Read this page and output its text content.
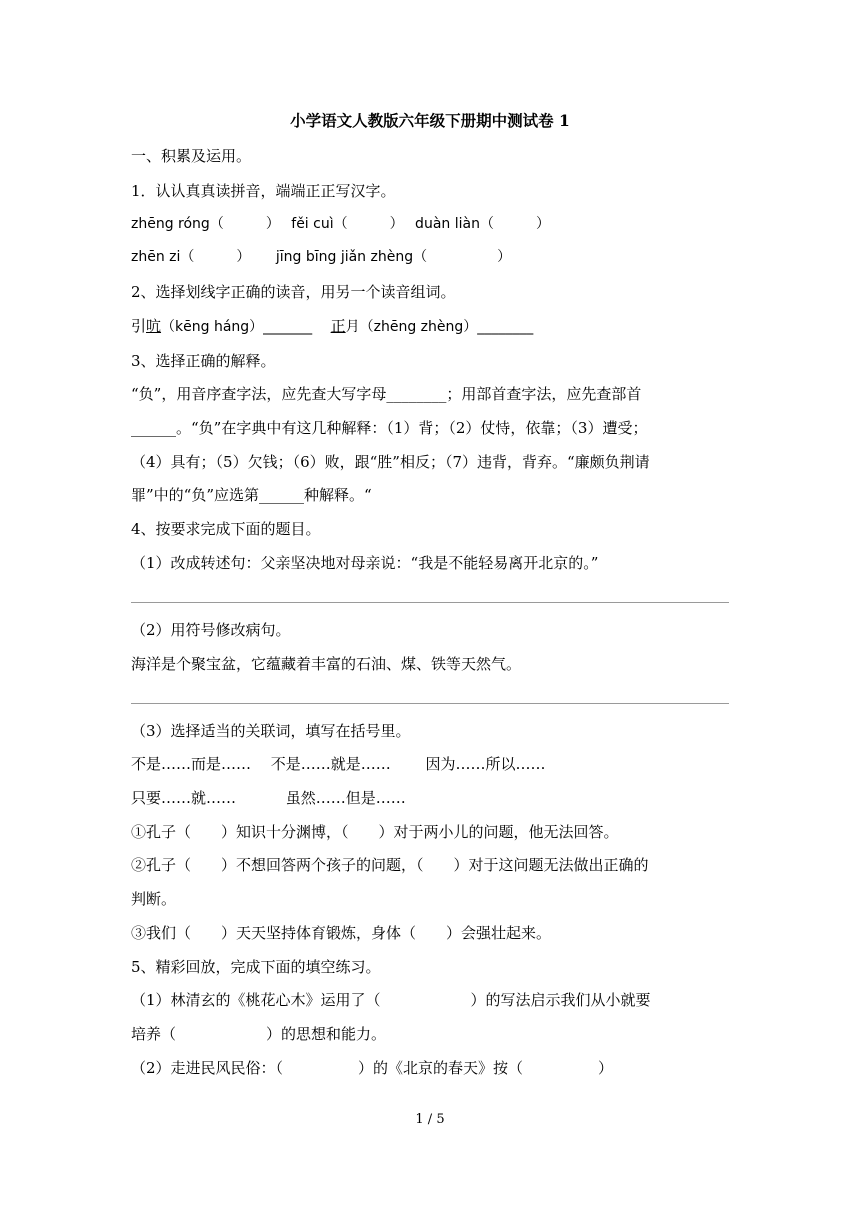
小学语文人教版六年级下册期中测试卷 1
一、积累及运用。
1．认认真真读拼音，端端正正写汉字。
zhēng róng（　　　）　 fěi cuì（　　　）　 duàn liàn（　　　）
zhēn zi（　　　）　　 jīng bīng jiǎn zhèng（　　　　　）
2、选择划线字正确的读音，用另一个读音组词。
引吭（kēng háng）_______　 正月（zhēng zhèng）________
3、选择正确的解释。
“负”，用音序查字法，应先查大写字母________；用部首查字法，应先查部首
______。“负”在字典中有这几种解释：（1）背；（2）仗恃，依靠；（3）遭受；
（4）具有；（5）欠钱；（6）败，跟“胜”相反；（7）违背，背弃。“廉颇负荆请
罪”中的“负”应选第______种解释。“
4、按要求完成下面的题目。
（1）改成转述句：父亲坚决地对母亲说：“我是不能轻易离开北京的。”
（2）用符号修改病句。
海洋是个聚宝盆，它蕴藏着丰富的石油、煤、铁等天然气。
（3）选择适当的关联词，填写在括号里。
不是……而是……　 不是……就是……　　 因为……所以……
只要……就……　　　 虽然……但是……
①孔子（　　）知识十分渊博，（　　）对于两小儿的问题，他无法回答。
②孔子（　　）不想回答两个孩子的问题，（　　）对于这问题无法做出正确的
判断。
③我们（　　）天天坚持体育锻炼，身体（　　）会强壮起来。
5、精彩回放，完成下面的填空练习。
（1）林清玄的《桃花心木》运用了（　　　　　　）的写法启示我们从小就要
培养（　　　　　　）的思想和能力。
（2）走进民风民俗：（　　　　　）的《北京的春天》按（　　　　　）
1 / 5
